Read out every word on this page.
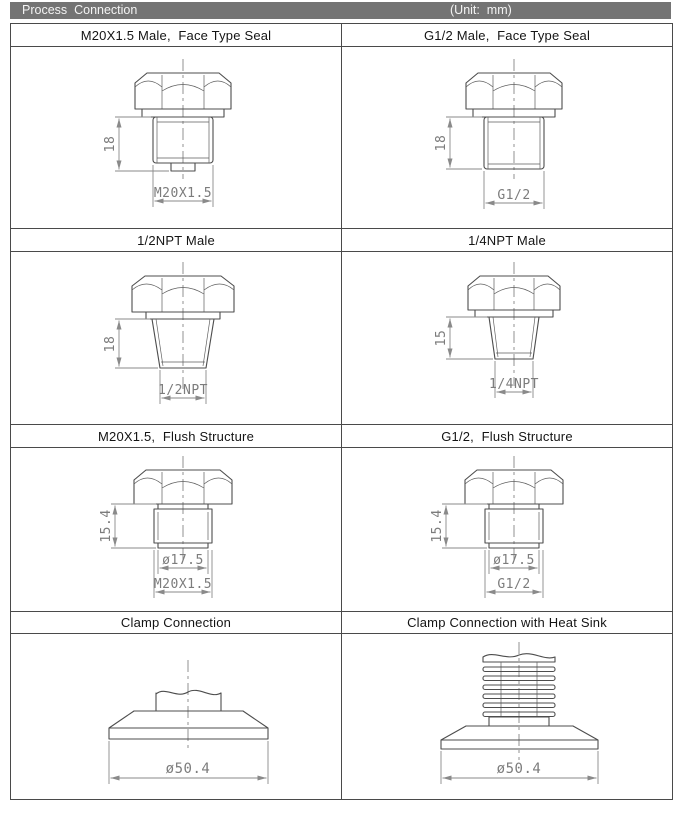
Process  Connection	(Unit:  mm)
M20X1.5 Male,  Face Type Seal	G1/2 Male,  Face Type Seal
18
M20X1.5
18
G1/2
1/2NPT Male	1/4NPT Male
18
1/2NPT
15
1/4NPT
M20X1.5,  Flush Structure	G1/2,  Flush Structure
15.4
ø17.5
M20X1.5
15.4
ø17.5
G1/2
Clamp Connection	Clamp Connection with Heat Sink
ø50.4	ø50.4
